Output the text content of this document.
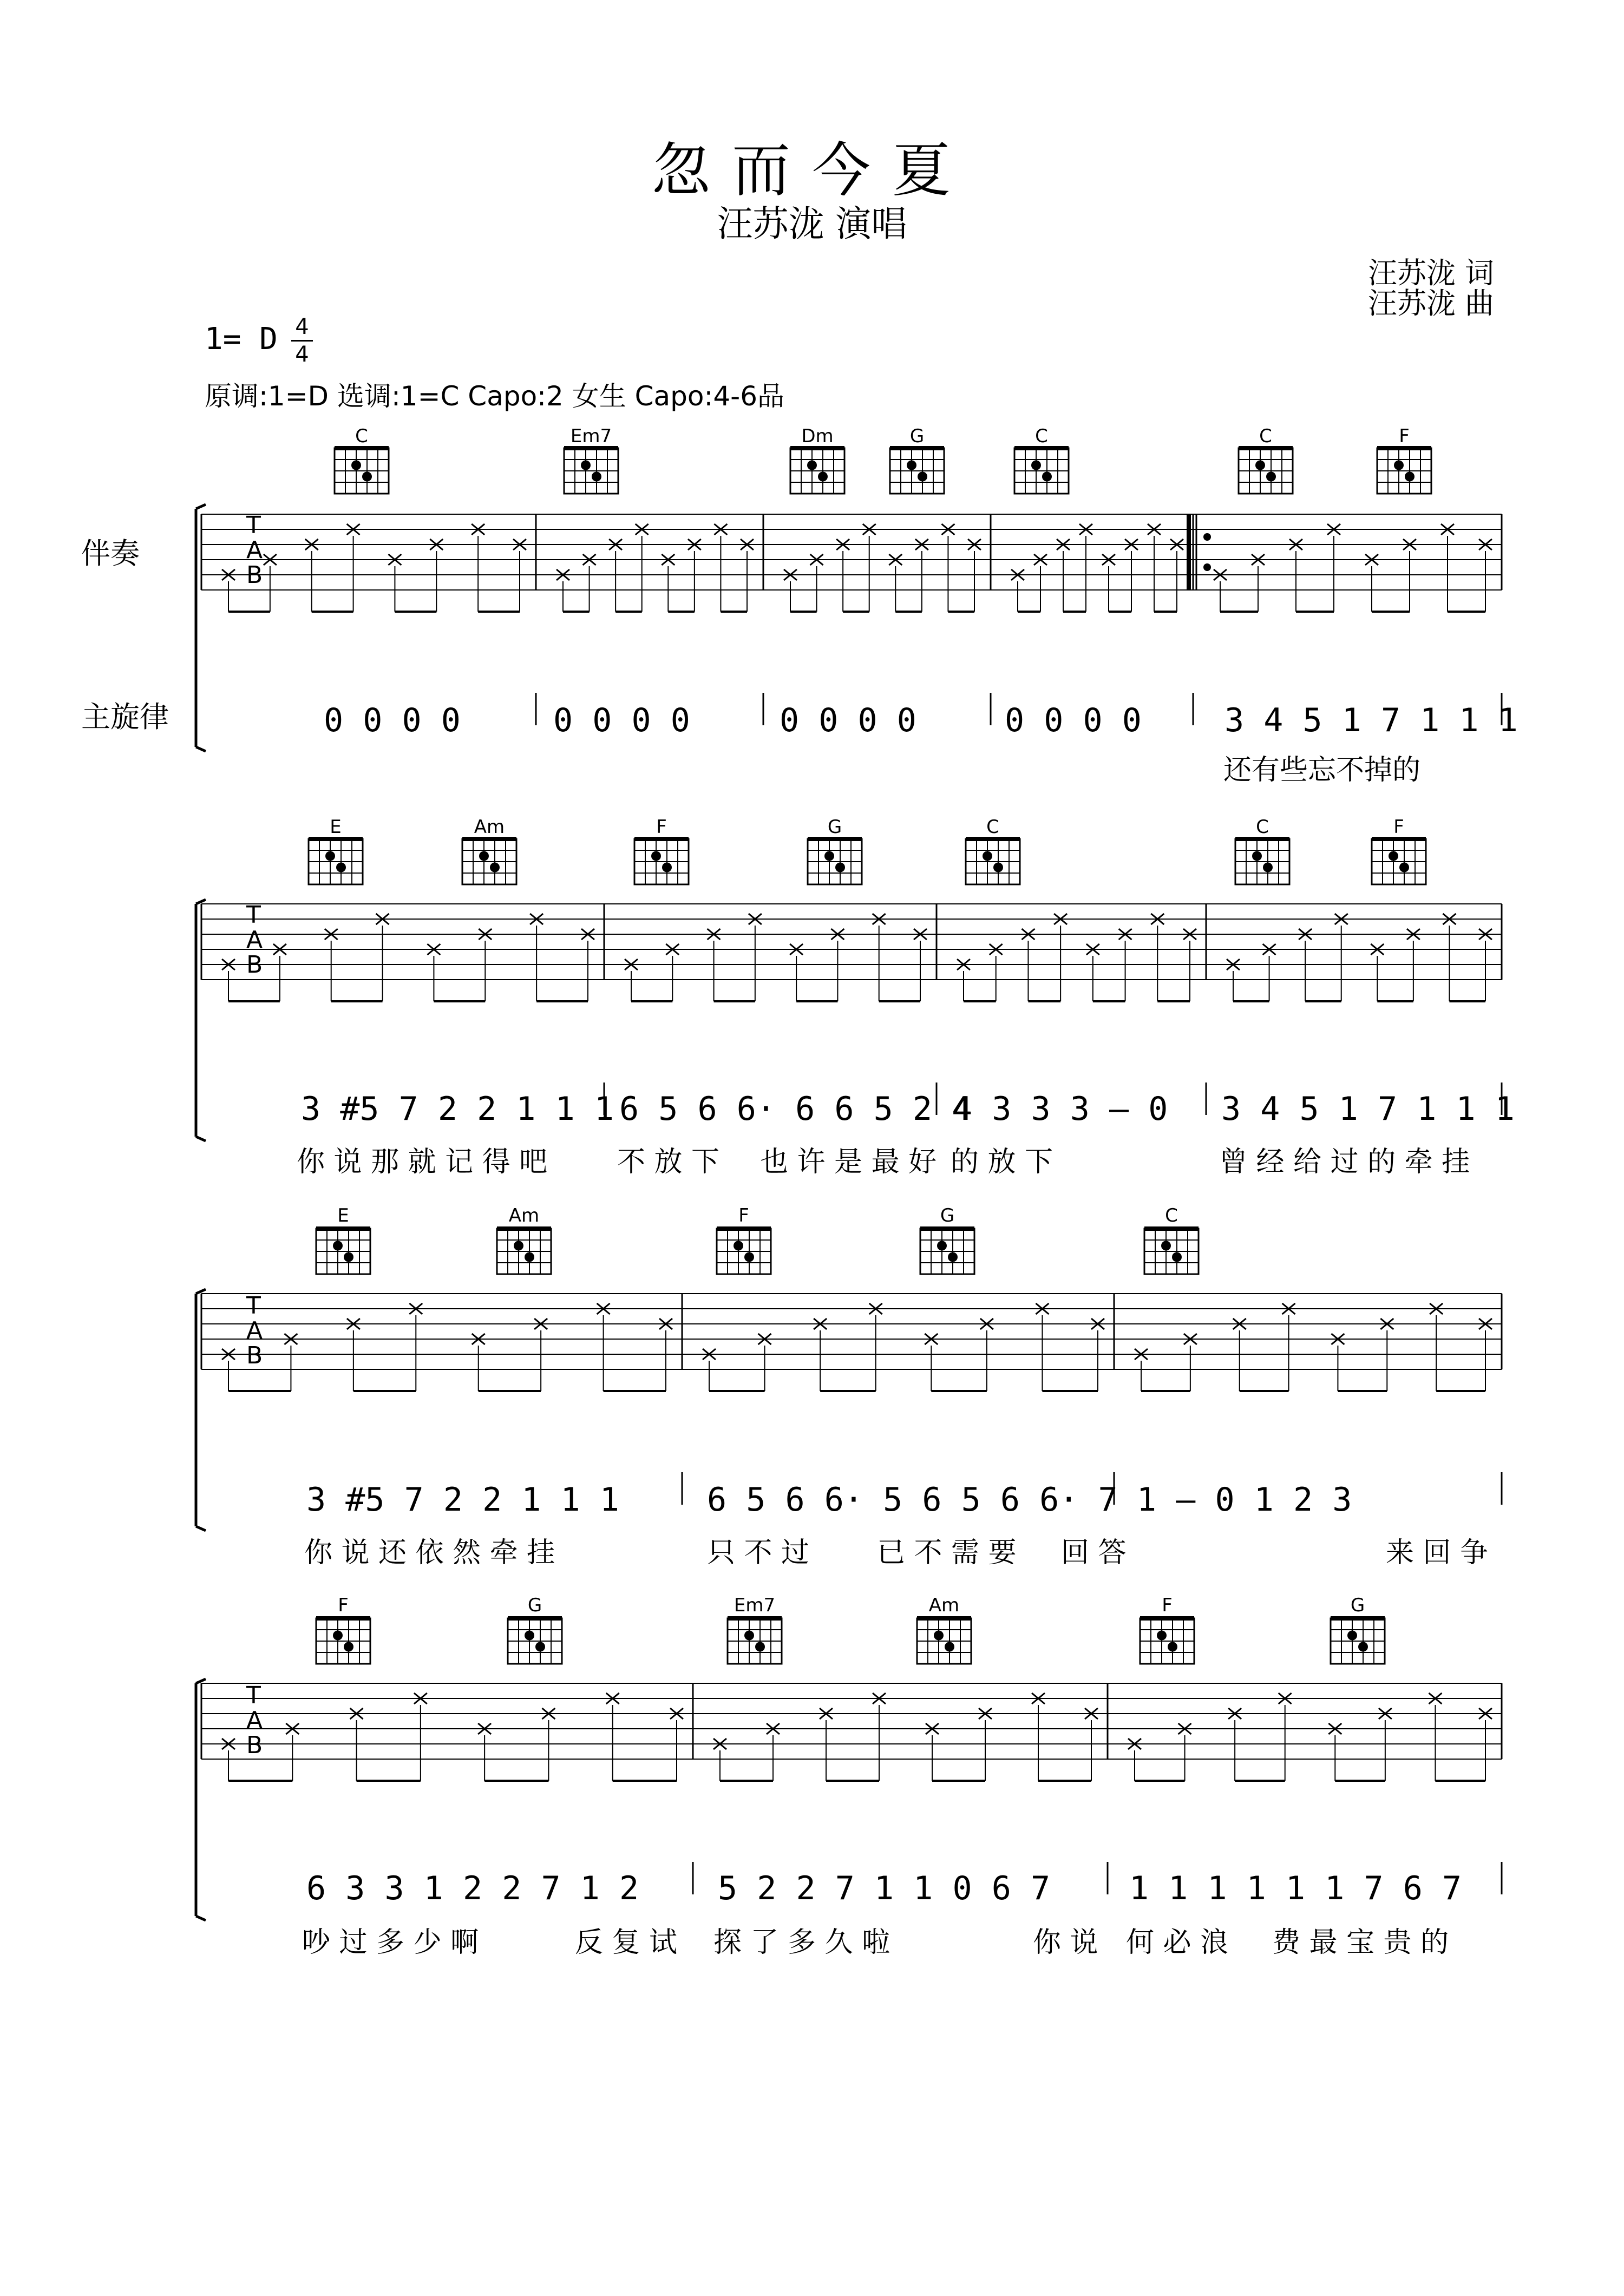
忽而今夏
汪苏泷 演唱
汪苏泷 词
汪苏泷 曲
1= D 4
4
原调:1=D 选调:1=C Capo:2 女生 Capo:4-6品
伴奏
主旋律
C	Em7	Dm	G	C	C	F
E	Am	F	G	C	C	F
E	Am	F	G	C
F	G	Em7	Am	F	G
T
A
B
T
A
B
T
A
B
T
A
B
0 0 0 0	0 0 0 0	0 0 0 0	0 0 0 0	3 4 5 1 7 1 1 1
还有些忘不掉的
3 #5 7 2 2 1 1 1 6 5 6 6· 6 6 5 2 4
4 3 3 3 — 0 3 4 5 1 7 1 1 1
你 说 那 就 记 得 吧 不 放 下 也 许 是 最 好 的 放 下	曾 经 给 过 的 牵 挂
3 #5 7 2 2 1 1 1	6 5 6 6· 5 6 5 6 6· 7 1 — 0 1 2 3
你 说 还 依 然 牵 挂	只 不 过 已 不 需 要 回 答	来 回 争
6 3 3 1 2 2 7 1 2 5 2 2 7 1 1 0 6 7 1 1 1 1 1 1 7 6 7
吵 过 多 少 啊	反 复 试 探 了 多 久 啦	你 说 何 必 浪 费 最 宝 贵 的
